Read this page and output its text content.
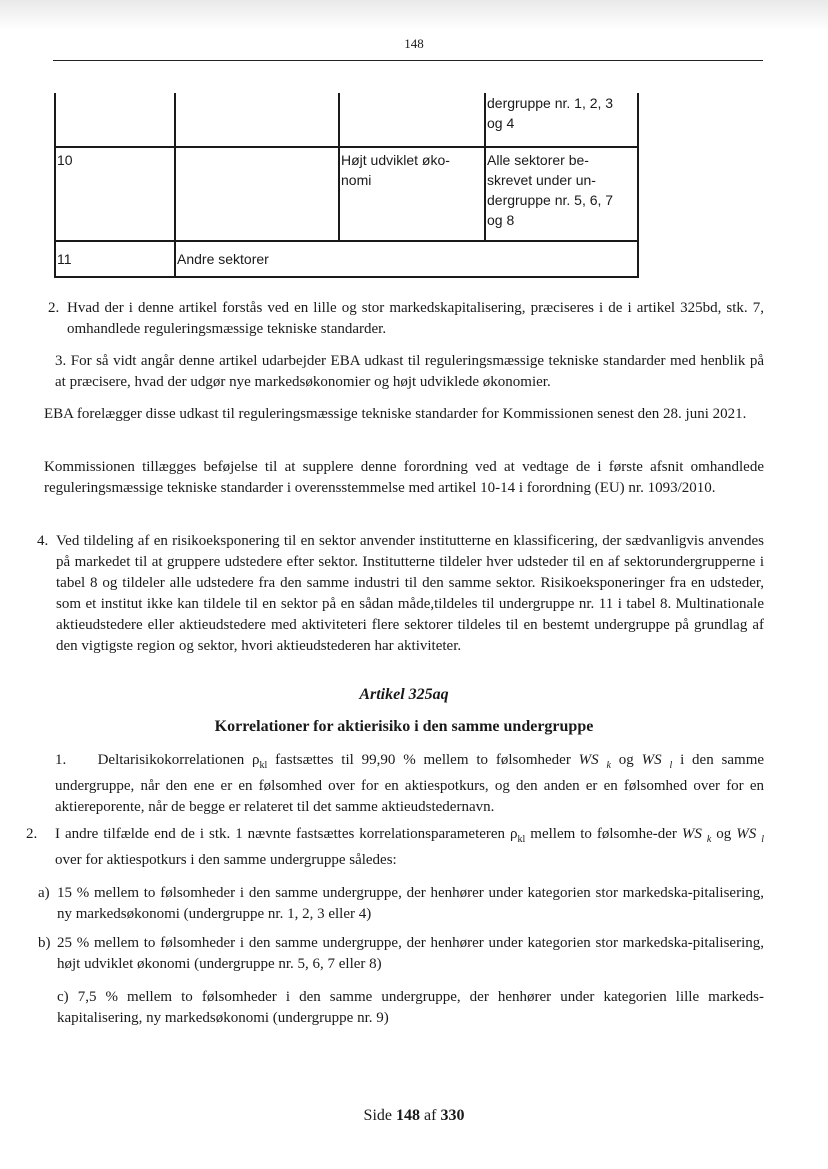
148
dergruppe nr. 1, 2, 3
og 4
10	Højt udviklet øko-
nomi
Alle sektorer be-
skrevet under un-
dergruppe nr. 5, 6, 7
og 8
11	Andre sektorer
2. Hvad der i denne artikel forstås ved en lille og stor markedskapitalisering, præciseres i de i artikel 325bd, stk. 7, omhandlede reguleringsmæssige tekniske standarder.
3. For så vidt angår denne artikel udarbejder EBA udkast til reguleringsmæssige tekniske standarder med henblik på at præcisere, hvad der udgør nye markedsøkonomier og højt udviklede økonomier.
EBA forelægger disse udkast til reguleringsmæssige tekniske standarder for Kommissionen senest den 28. juni 2021.
Kommissionen tillægges beføjelse til at supplere denne forordning ved at vedtage de i første afsnit omhandlede reguleringsmæssige tekniske standarder i overensstemmelse med artikel 10-14 i forordning (EU) nr. 1093/2010.
4. Ved tildeling af en risikoeksponering til en sektor anvender institutterne en klassificering, der sædvanligvis anvendes på markedet til at gruppere udstedere efter sektor. Institutterne tildeler hver udsteder til en af sektorundergrupperne i tabel 8 og tildeler alle udstedere fra den samme industri til den samme sektor. Risikoeksponeringer fra en udsteder, som et institut ikke kan tildele til en sektor på en sådan måde,tildeles til undergruppe nr. 11 i tabel 8. Multinationale aktieudstedere eller aktieudstedere med aktiviteteri flere sektorer tildeles til en bestemt undergruppe på grundlag af den vigtigste region og sektor, hvori aktieudstederen har aktiviteter.
Artikel 325aq
Korrelationer for aktierisiko i den samme undergruppe
1. Deltarisikokorrelationen $\rho_{kl}$ fastsættes til 99,90 % mellem to følsomheder WS $_k$ og WS $_l$ i den samme undergruppe, når den ene er en følsomhed over for en aktiespotkurs, og den anden er en følsomhed over for en aktiereporente, når de begge er relateret til det samme aktieudstedernavn.
2. I andre tilfælde end de i stk. 1 nævnte fastsættes korrelationsparameteren $\rho_{kl}$ mellem to følsomhe-der WS $_k$ og WS $_l$ over for aktiespotkurs i den samme undergruppe således:
a) 15 % mellem to følsomheder i den samme undergruppe, der henhører under kategorien stor markedska-pitalisering, ny markedsøkonomi (undergruppe nr. 1, 2, 3 eller 4)
b) 25 % mellem to følsomheder i den samme undergruppe, der henhører under kategorien stor markedska-pitalisering, højt udviklet økonomi (undergruppe nr. 5, 6, 7 eller 8)
c) 7,5 % mellem to følsomheder i den samme undergruppe, der henhører under kategorien lille markeds-kapitalisering, ny markedsøkonomi (undergruppe nr. 9)
Side 148 af 330
